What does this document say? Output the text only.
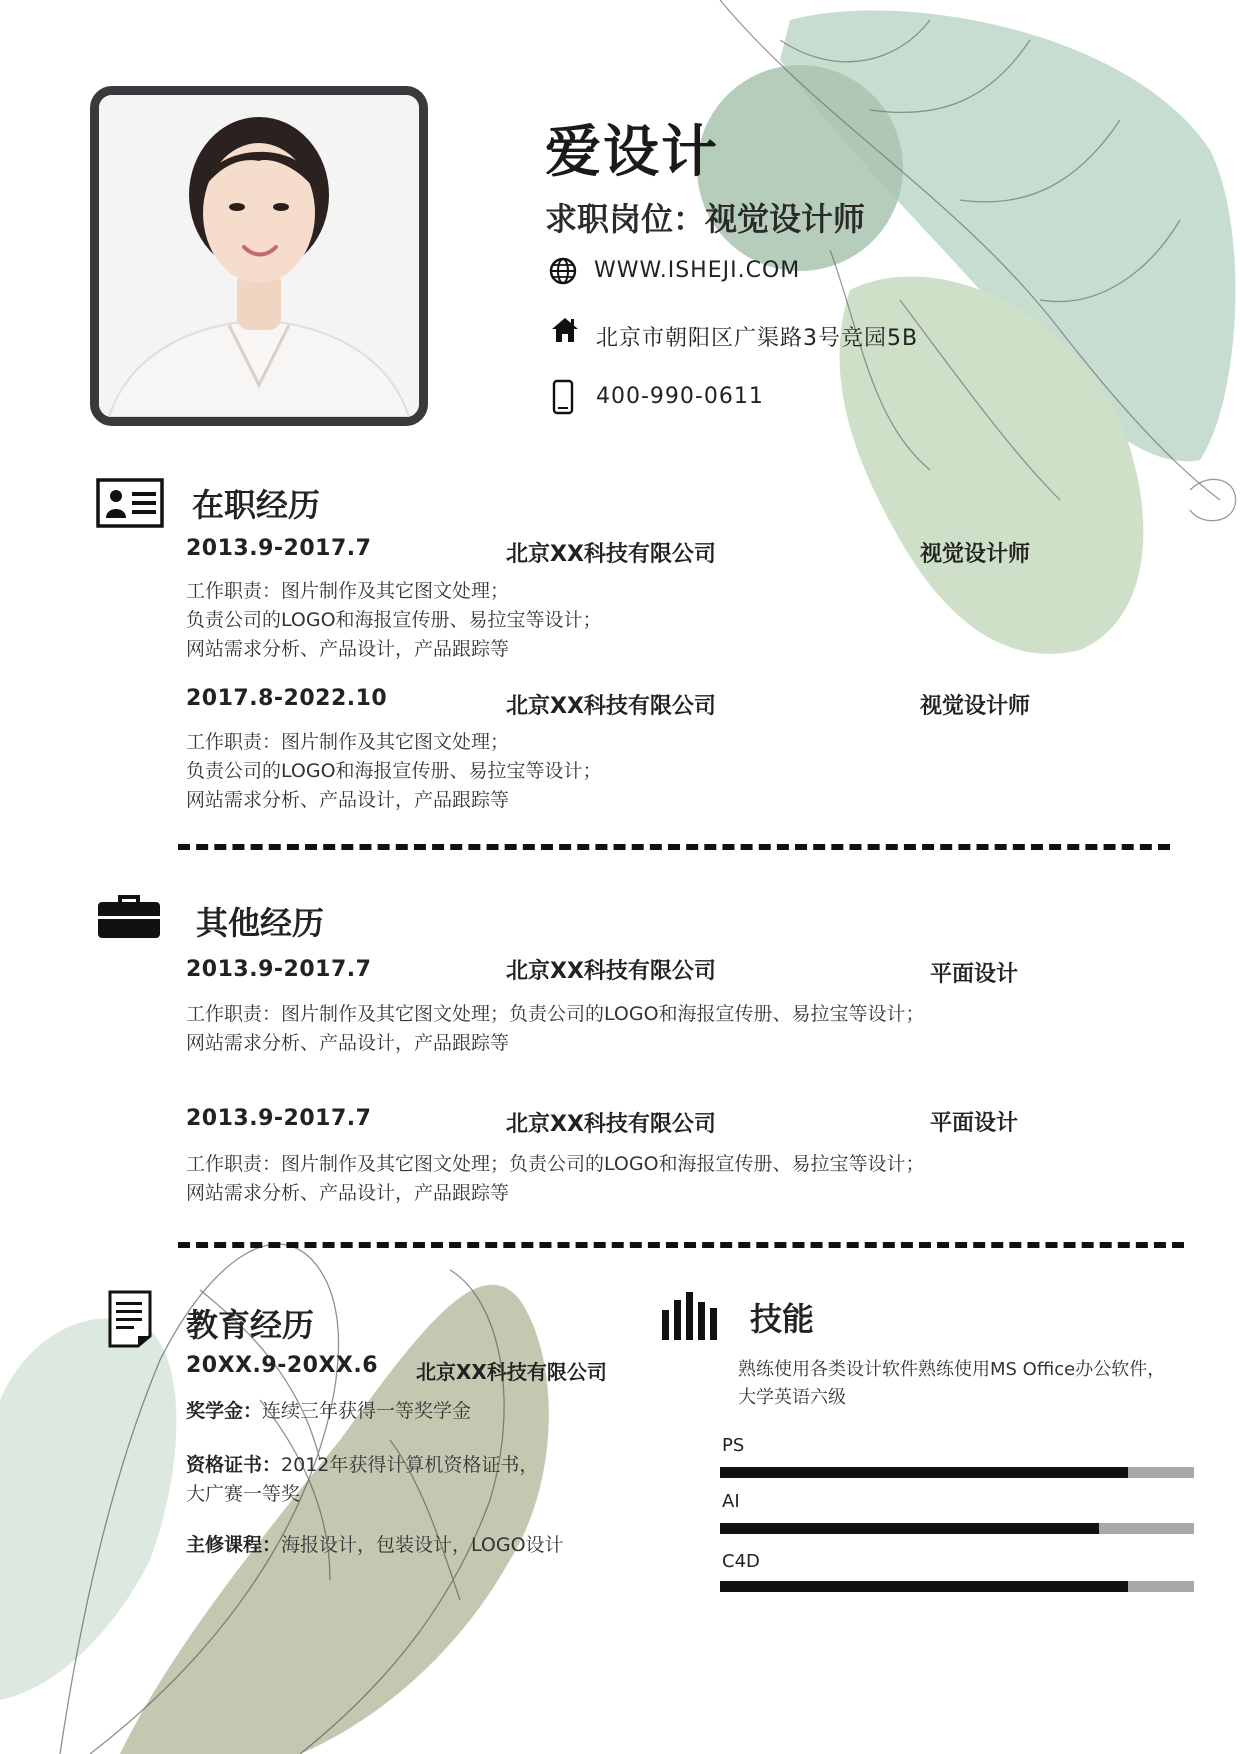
爱设计
求职岗位：视觉设计师
WWW.ISHEJI.COM
北京市朝阳区广渠路3号竞园5B
400-990-0611
在职经历
2013.9-2017.7	北京XX科技有限公司	视觉设计师
工作职责：图片制作及其它图文处理；
负责公司的LOGO和海报宣传册、易拉宝等设计；
网站需求分析、产品设计，产品跟踪等
2017.8-2022.10	北京XX科技有限公司	视觉设计师
工作职责：图片制作及其它图文处理；
负责公司的LOGO和海报宣传册、易拉宝等设计；
网站需求分析、产品设计，产品跟踪等
其他经历
2013.9-2017.7	北京XX科技有限公司	平面设计
工作职责：图片制作及其它图文处理；负责公司的LOGO和海报宣传册、易拉宝等设计；
网站需求分析、产品设计，产品跟踪等
2013.9-2017.7	北京XX科技有限公司	平面设计
工作职责：图片制作及其它图文处理；负责公司的LOGO和海报宣传册、易拉宝等设计；
网站需求分析、产品设计，产品跟踪等
教育经历
20XX.9-20XX.6 北京XX科技有限公司
奖学金：连续三年获得一等奖学金
资格证书：2012年获得计算机资格证书，
大广赛一等奖
主修课程：海报设计，包装设计，LOGO设计
技能
熟练使用各类设计软件熟练使用MS Office办公软件，
大学英语六级
PS
AI
C4D
